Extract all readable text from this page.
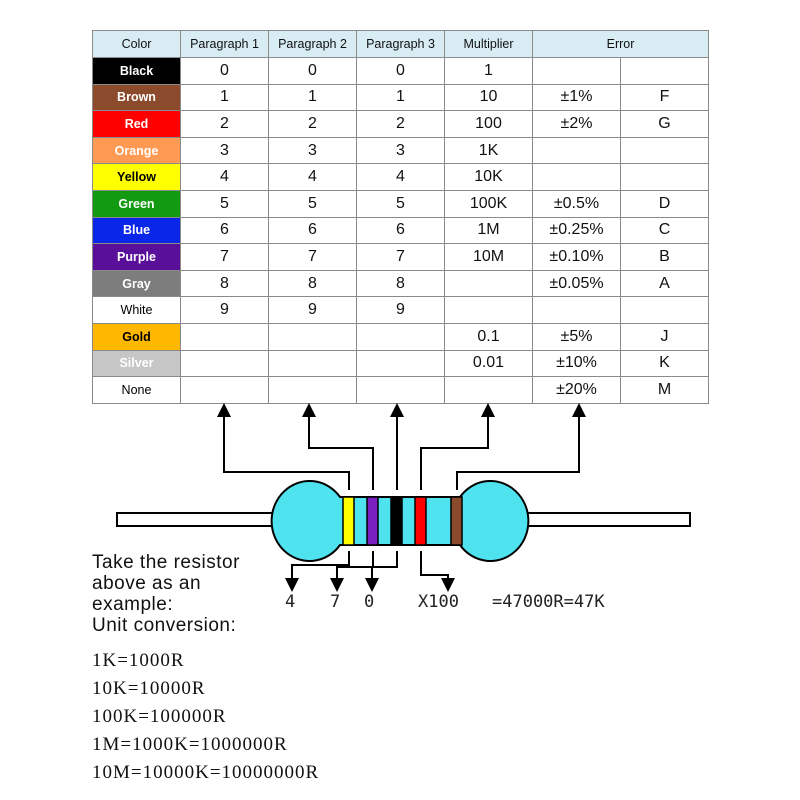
Color	Paragraph 1	Paragraph 2	Paragraph 3	Multiplier	Error	
Black	0	0	0	1		
Brown	1	1	1	10	±1%	F
Red	2	2	2	100	±2%	G
Orange	3	3	3	1K		
Yellow	4	4	4	10K		
Green	5	5	5	100K	±0.5%	D
Blue	6	6	6	1M	±0.25%	C
Purple	7	7	7	10M	±0.10%	B
Gray	8	8	8		±0.05%	A
White	9	9	9			
Gold				0.1	±5%	J
Silver				0.01	±10%	K
None					±20%	M
Take the resistor
above as an
example:
Unit conversion:
4 7 0	X100 =47000R=47K
1K=1000R
10K=10000R
100K=100000R
1M=1000K=1000000R
10M=10000K=10000000R
